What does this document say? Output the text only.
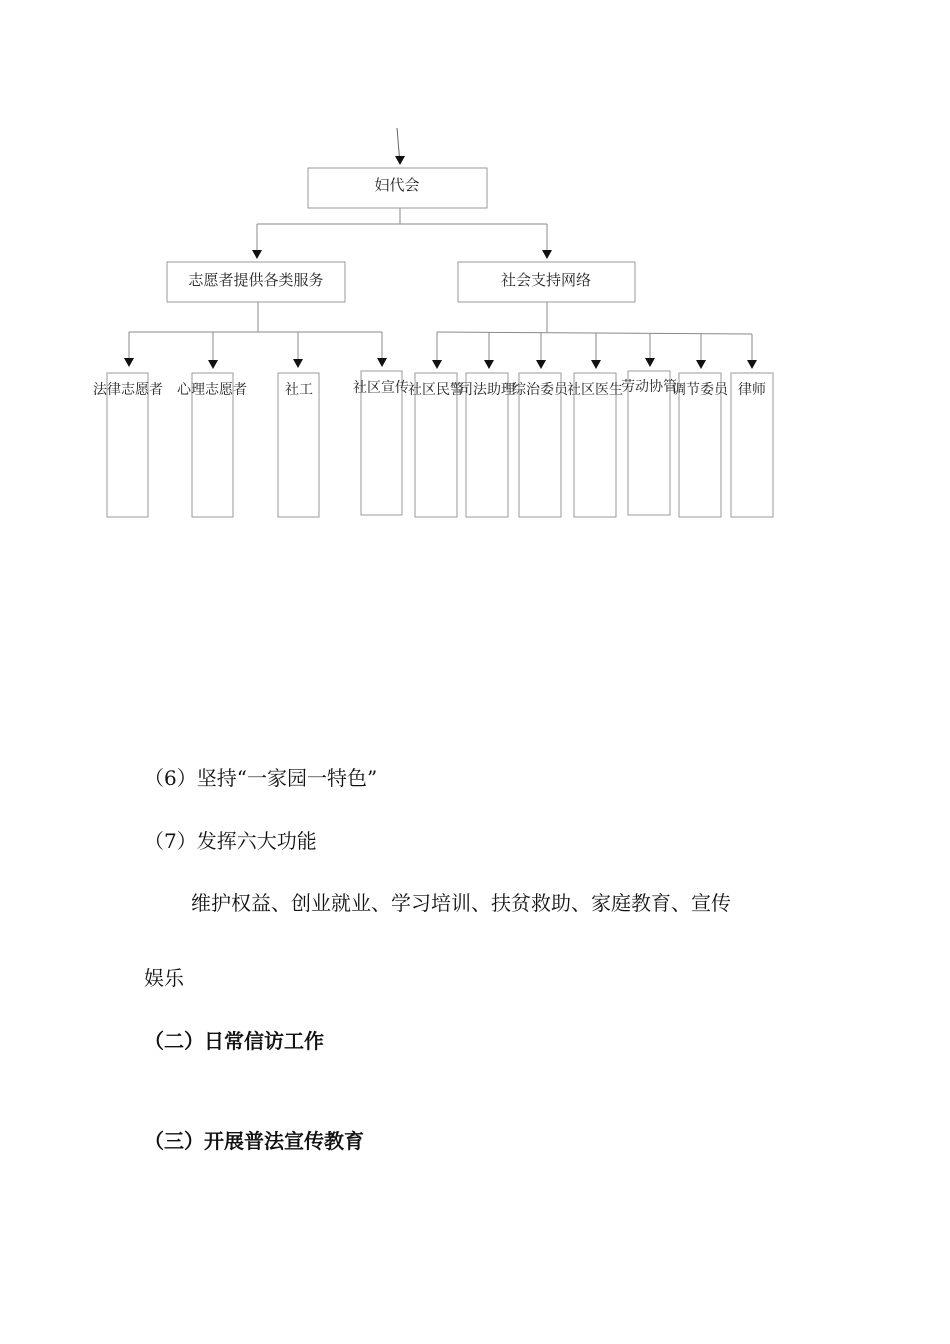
妇代会
志愿者提供各类服务	社会支持网络
法律志愿者 心理志愿者	社工	社区宣传 社区民警
司法助理
综治委员 社区医生
劳动协管
调节委员 律师

（6）坚持“一家园一特色”

（7）发挥六大功能

维护权益、创业就业、学习培训、扶贫救助、家庭教育、宣传

娱乐

（二）日常信访工作

（三）开展普法宣传教育
